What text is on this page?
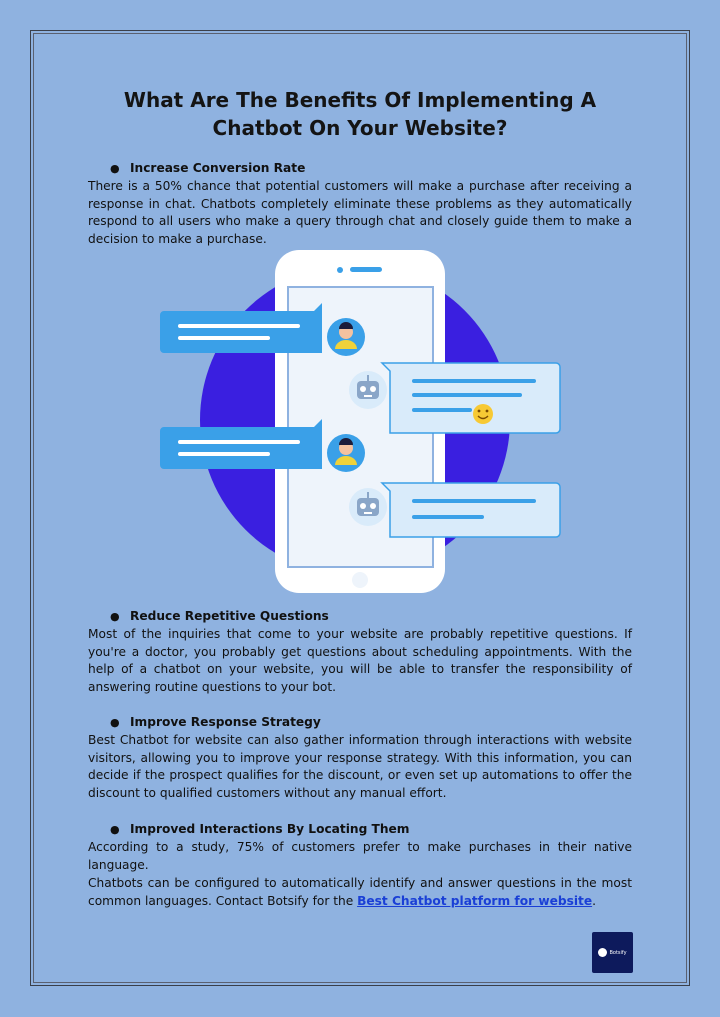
What Are The Benefits Of Implementing A Chatbot On Your Website?
● Increase Conversion Rate
There is a 50% chance that potential customers will make a purchase after receiving a response in chat. Chatbots completely eliminate these problems as they automatically respond to all users who make a query through chat and closely guide them to make a decision to make a purchase.
● Reduce Repetitive Questions
Most of the inquiries that come to your website are probably repetitive questions. If you're a doctor, you probably get questions about scheduling appointments. With the help of a chatbot on your website, you will be able to transfer the responsibility of answering routine questions to your bot.
● Improve Response Strategy
Best Chatbot for website can also gather information through interactions with website visitors, allowing you to improve your response strategy. With this information, you can decide if the prospect qualifies for the discount, or even set up automations to offer the discount to qualified customers without any manual effort.
● Improved Interactions By Locating Them
According to a study, 75% of customers prefer to make purchases in their native language.
Chatbots can be configured to automatically identify and answer questions in the most common languages. Contact Botsify for the Best Chatbot platform for website.
Botsify
